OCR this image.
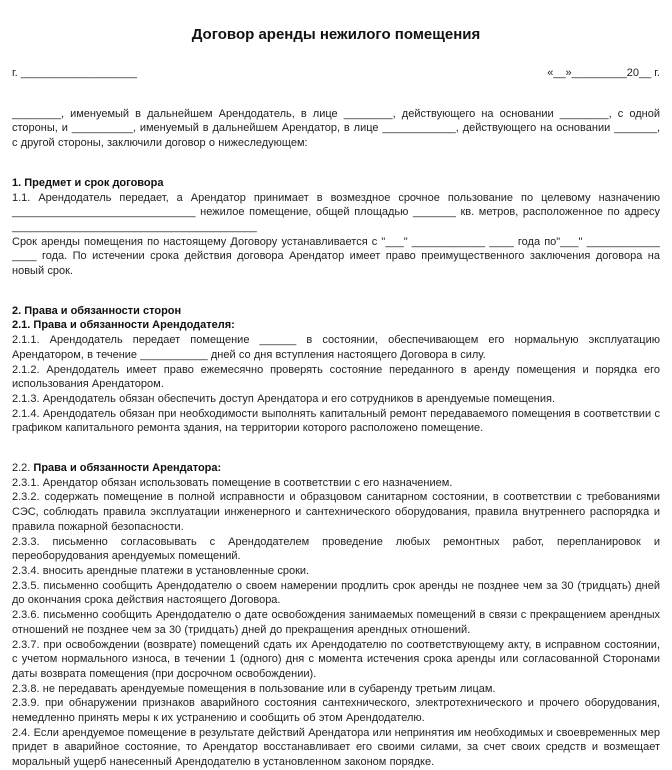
Договор аренды нежилого помещения
г. ___________________	«__»_________20__ г.
________, именуемый в дальнейшем Арендодатель, в лице ________, действующего на основании ________, с одной стороны, и __________, именуемый в дальнейшем Арендатор, в лице ____________, действующего на основании _______, с другой стороны, заключили договор о нижеследующем:
1. Предмет и срок договора
1.1. Арендодатель передает, а Арендатор принимает в возмездное срочное пользование по целевому назначению ______________________________ нежилое помещение, общей площадью _______ кв. метров, расположенное по адресу ________________________________________
Срок аренды помещения по настоящему Договору устанавливается с "___" ____________ ____ года по"___" ____________ ____ года. По истечении срока действия договора Арендатор имеет право преимущественного заключения договора на новый срок.
2. Права и обязанности сторон
2.1. Права и обязанности Арендодателя:
2.1.1. Арендодатель передает помещение ______ в состоянии, обеспечивающем его нормальную эксплуатацию Арендатором, в течение ___________ дней со дня вступления настоящего Договора в силу.
2.1.2. Арендодатель имеет право ежемесячно проверять состояние переданного в аренду помещения и порядка его использования Арендатором.
2.1.3. Арендодатель обязан обеспечить доступ Арендатора и его сотрудников в арендуемые помещения.
2.1.4. Арендодатель обязан при необходимости выполнять капитальный ремонт передаваемого помещения в соответствии с графиком капитального ремонта здания, на территории которого расположено помещение.
2.2. Права и обязанности Арендатора:
2.3.1. Арендатор обязан использовать помещение в соответствии с его назначением.
2.3.2. содержать помещение в полной исправности и образцовом санитарном состоянии, в соответствии с требованиями СЭС, соблюдать правила эксплуатации инженерного и сантехнического оборудования, правила внутреннего распорядка и правила пожарной безопасности.
2.3.3. письменно согласовывать с Арендодателем проведение любых ремонтных работ, перепланировок и переоборудования арендуемых помещений.
2.3.4. вносить арендные платежи в установленные сроки.
2.3.5. письменно сообщить Арендодателю о своем намерении продлить срок аренды не позднее чем за 30 (тридцать) дней до окончания срока действия настоящего Договора.
2.3.6. письменно сообщить Арендодателю о дате освобождения занимаемых помещений в связи с прекращением арендных отношений не позднее чем за 30 (тридцать) дней до прекращения арендных отношений.
2.3.7. при освобождении (возврате) помещений сдать их Арендодателю по соответствующему акту, в исправном состоянии, с учетом нормального износа, в течении 1 (одного) дня с момента истечения срока аренды или согласованной Сторонами даты возврата помещения (при досрочном освобождении).
2.3.8. не передавать арендуемые помещения в пользование или в субаренду третьим лицам.
2.3.9. при обнаружении признаков аварийного состояния сантехнического, электротехнического и прочего оборудования, немедленно принять меры к их устранению и сообщить об этом Арендодателю.
2.4. Если арендуемое помещение в результате действий Арендатора или непринятия им необходимых и своевременных мер придет в аварийное состояние, то Арендатор восстанавливает его своими силами, за счет своих средств и возмещает моральный ущерб нанесенный Арендодателю в установленном законом порядке.
